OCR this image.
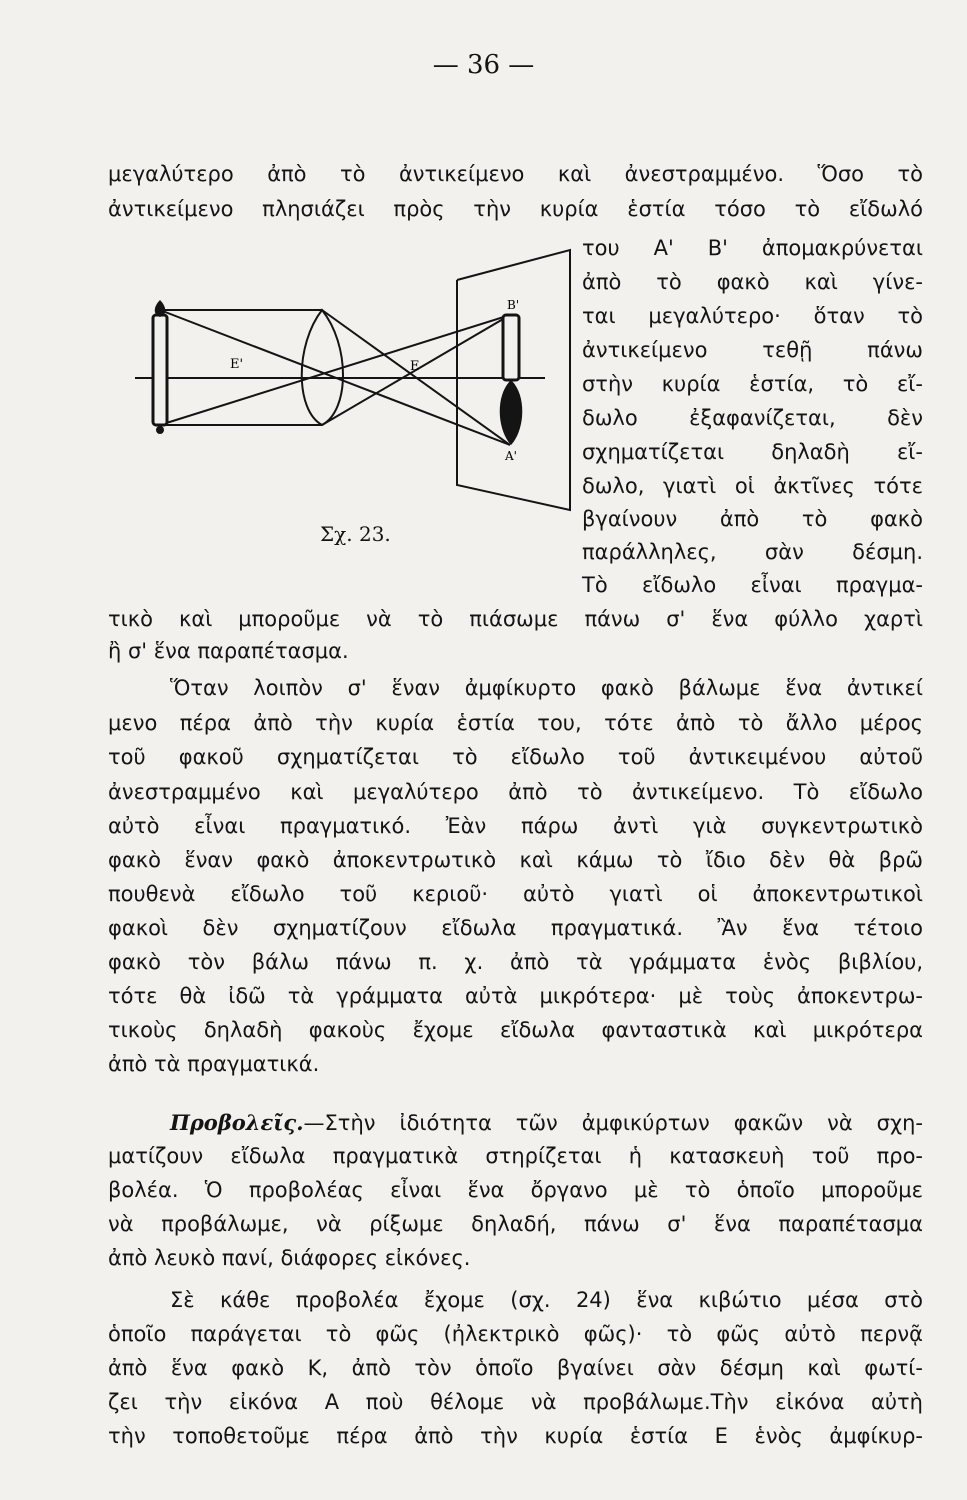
— 36 —
μεγαλύτερο ἀπὸ τὸ ἀντικείμενο καὶ ἀνεστραμμένο. Ὅσο τὸ
ἀντικείμενο πλησιάζει πρὸς τὴν κυρία ἑστία τόσο τὸ εἴδωλό
του Α' Β' ἀπομακρύνεται
ἀπὸ τὸ φακὸ καὶ γίνε-
ται μεγαλύτερο· ὅταν τὸ
ἀντικείμενο τεθῇ πάνω
στὴν κυρία ἑστία, τὸ εἴ-
δωλο ἐξαφανίζεται, δὲν
σχηματίζεται δηλαδὴ εἴ-
δωλο, γιατὶ οἱ ἀκτῖνες τότε
βγαίνουν ἀπὸ τὸ φακὸ
παράλληλες, σὰν δέσμη.
Τὸ εἴδωλο εἶναι πραγμα-
τικὸ καὶ μποροῦμε νὰ τὸ πιάσωμε πάνω σ' ἕνα φύλλο χαρτὶ
ἢ σ' ἕνα παραπέτασμα.
Ὅταν λοιπὸν σ' ἕναν ἀμφίκυρτο φακὸ βάλωμε ἕνα ἀντικεί
μενο πέρα ἀπὸ τὴν κυρία ἑστία του, τότε ἀπὸ τὸ ἄλλο μέρος
τοῦ φακοῦ σχηματίζεται τὸ εἴδωλο τοῦ ἀντικειμένου αὐτοῦ
ἀνεστραμμένο καὶ μεγαλύτερο ἀπὸ τὸ ἀντικείμενο. Τὸ εἴδωλο
αὐτὸ εἶναι πραγματικό. Ἐὰν πάρω ἀντὶ γιὰ συγκεντρωτικὸ
φακὸ ἕναν φακὸ ἀποκεντρωτικὸ καὶ κάμω τὸ ἴδιο δὲν θὰ βρῶ
πουθενὰ εἴδωλο τοῦ κεριοῦ· αὐτὸ γιατὶ οἱ ἀποκεντρωτικοὶ
φακοὶ δὲν σχηματίζουν εἴδωλα πραγματικά. Ἂν ἕνα τέτοιο
φακὸ τὸν βάλω πάνω π. χ. ἀπὸ τὰ γράμματα ἑνὸς βιβλίου,
τότε θὰ ἰδῶ τὰ γράμματα αὐτὰ μικρότερα· μὲ τοὺς ἀποκεντρω-
τικοὺς δηλαδὴ φακοὺς ἔχομε εἴδωλα φανταστικὰ καὶ μικρότερα
ἀπὸ τὰ πραγματικά.
Προβολεῖς.—Στὴν ἰδιότητα τῶν ἀμφικύρτων φακῶν νὰ σχη-
ματίζουν εἴδωλα πραγματικὰ στηρίζεται ἡ κατασκευὴ τοῦ προ-
βολέα. Ὁ προβολέας εἶναι ἕνα ὄργανο μὲ τὸ ὁποῖο μποροῦμε
νὰ προβάλωμε, νὰ ρίξωμε δηλαδή, πάνω σ' ἕνα παραπέτασμα
ἀπὸ λευκὸ πανί, διάφορες εἰκόνες.
Σὲ κάθε προβολέα ἔχομε (σχ. 24) ἕνα κιβώτιο μέσα στὸ
ὁποῖο παράγεται τὸ φῶς (ἠλεκτρικὸ φῶς)· τὸ φῶς αὐτὸ περνᾷ
ἀπὸ ἕνα φακὸ Κ, ἀπὸ τὸν ὁποῖο βγαίνει σὰν δέσμη καὶ φωτί-
ζει τὴν εἰκόνα Α ποὺ θέλομε νὰ προβάλωμε.Τὴν εἰκόνα αὐτὴ
τὴν τοποθετοῦμε πέρα ἀπὸ τὴν κυρία ἑστία Ε ἑνὸς ἀμφίκυρ-
Ε'	Ε
Β'
Α'
Σχ. 23.
